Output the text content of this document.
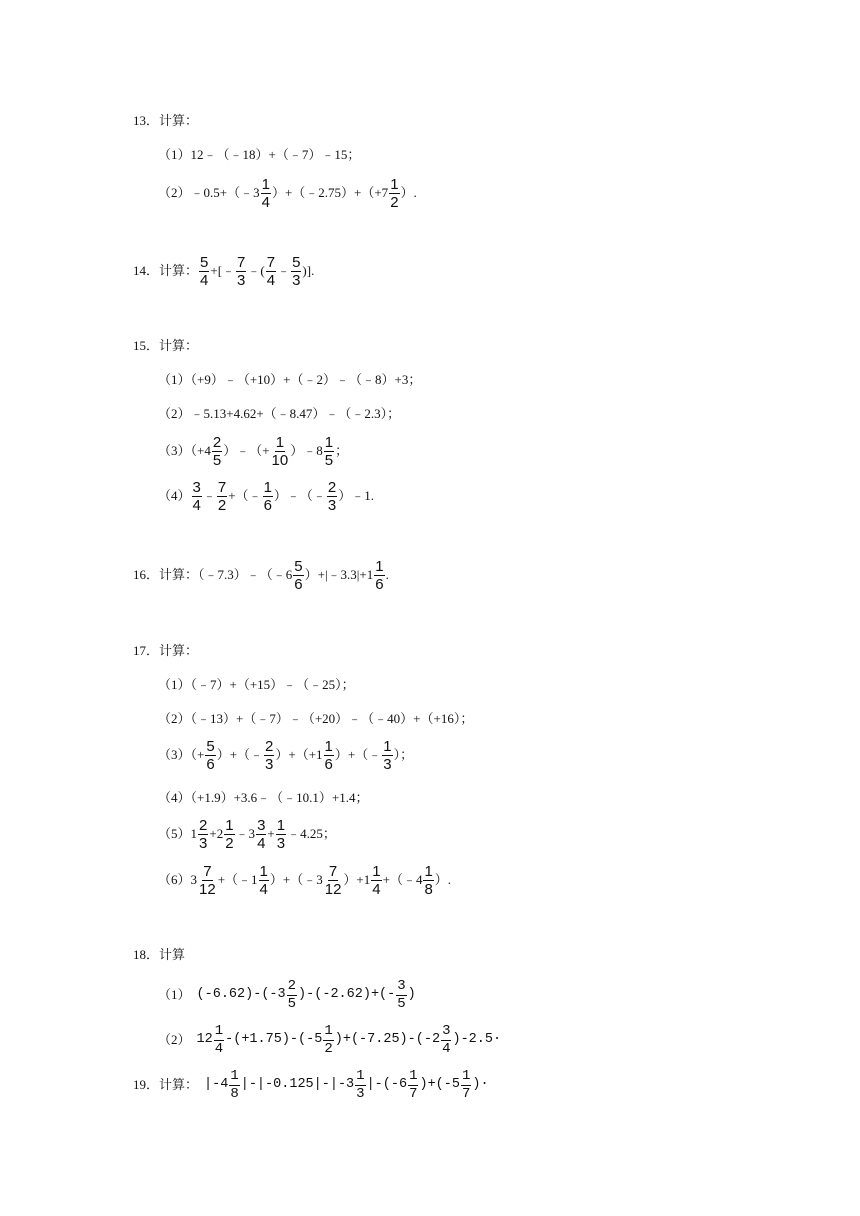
13．计算：
（1）12﹣（﹣18）+（﹣7）﹣15；
（2）﹣0.5+（﹣3 $\frac{1}{4}$ ）+（﹣2.75）+（+7 $\frac{1}{2}$ ）.
14．计算： $\frac{5}{4}$ +[﹣ $\frac{7}{3}$ ﹣( $\frac{7}{4}$ ﹣ $\frac{5}{3}$ )].
15．计算：
（1）（+9）﹣（+10）+（﹣2）﹣（﹣8）+3；
（2）﹣5.13+4.62+（﹣8.47）﹣（﹣2.3）；
$(3)(+4 \frac{2}{5}$ ）﹣（+ $\frac{1}{10}$ ）﹣8 $\frac{1}{5}$ ；
$(4) \frac{3}{4}$ ﹣ $\frac{7}{2}$ +（﹣ $\frac{1}{6}$ ）﹣（﹣ $\frac{2}{3}$ ）﹣1.
16．计算：（﹣7.3）﹣（﹣6 $\frac{5}{6}$ ）+|﹣3.3|+1 $\frac{1}{6}$ .
17．计算：
（1）（﹣7）+（+15）﹣（﹣25）；
（2）（﹣13）+（﹣7）﹣（+20）﹣（﹣40）+（+16）；
$(3)(+ \frac{5}{6}$ ）+（﹣ $\frac{2}{3} )+(+1 \frac{1}{6}$ ）+（﹣ $\frac{1}{3}$ ）；
（4）（+1.9）+3.6﹣（﹣10.1）+1.4；
$(5)1 \frac{2}{3} +2 \frac{1}{2}$ ﹣3 $\frac{3}{4} + \frac{1}{3}$ ﹣4.25；
$(6)3 \frac{7}{12}$ +（﹣1 $\frac{1}{4}$ ）+（﹣3 $\frac{7}{12} )+1 \frac{1}{4}$ +（﹣4 $\frac{1}{8}$ ）.
18．计算
（1） $(-6.62)-(-3 \frac{2}{5} )-(-2.62)+(- \frac{3}{5}$ )
（2） $12 \frac{1}{4} -(+1.75)-(-5 \frac{1}{2} )+(-7.25)-(-2 \frac{3}{4} )-2.5\cdot$
19．计算： $|-4 \frac{1}{8} |-|-0.125|-|-3 \frac{1}{3} |-(-6 \frac{1}{7} )+(-5 \frac{1}{7}$ )·
